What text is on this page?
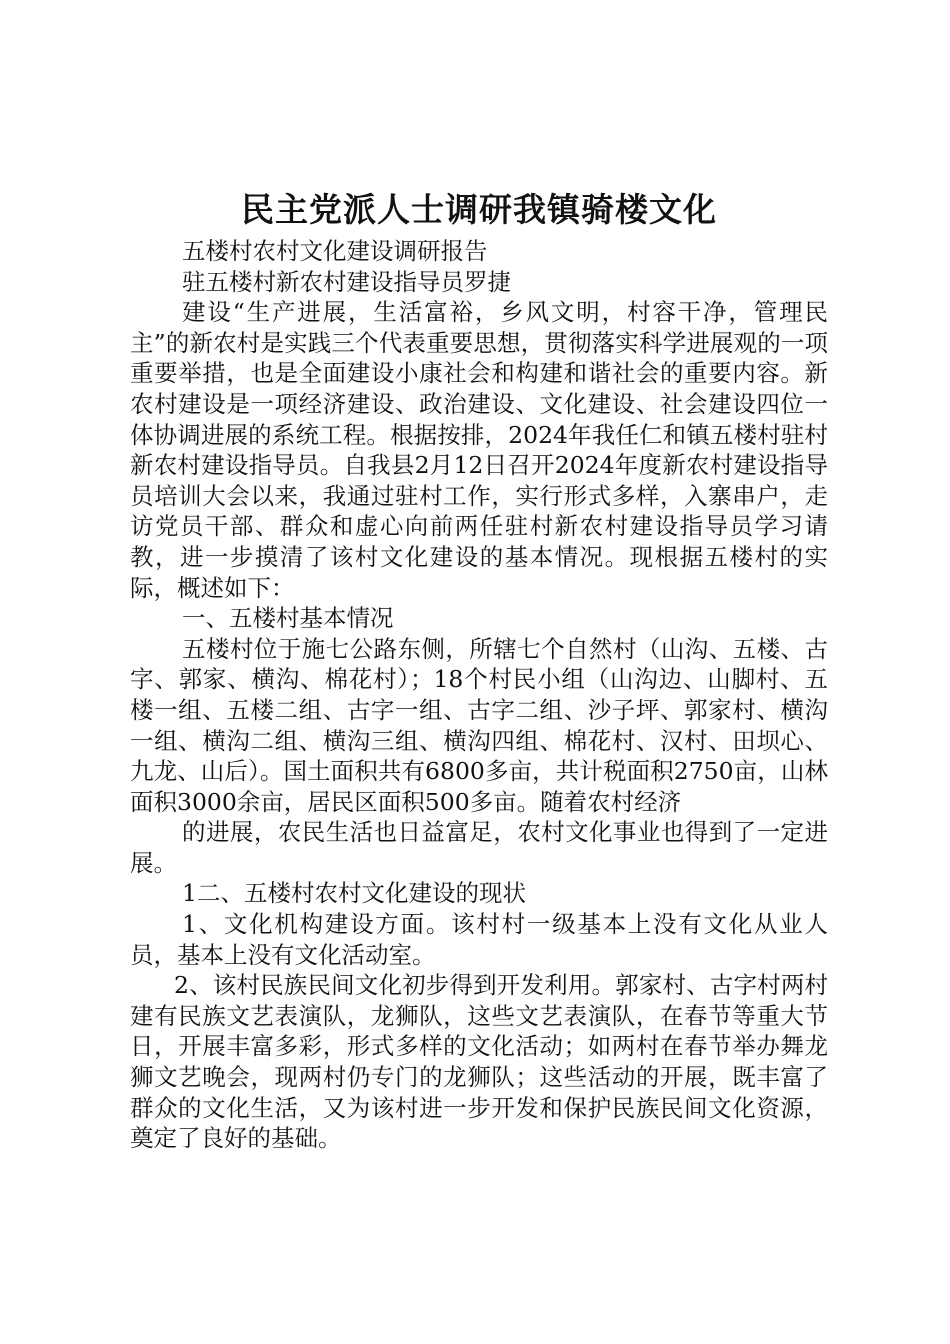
民主党派人士调研我镇骑楼文化

五楼村农村文化建设调研报告

驻五楼村新农村建设指导员罗捷

建设“生产进展，生活富裕，乡风文明，村容干净，管理民主”的新农村是实践三个代表重要思想，贯彻落实科学进展观的一项重要举措，也是全面建设小康社会和构建和谐社会的重要内容。新农村建设是一项经济建设、政治建设、文化建设、社会建设四位一体协调进展的系统工程。根据按排，2024年我任仁和镇五楼村驻村新农村建设指导员。自我县2月12日召开2024年度新农村建设指导员培训大会以来，我通过驻村工作，实行形式多样，入寨串户，走访党员干部、群众和虚心向前两任驻村新农村建设指导员学习请教，进一步摸清了该村文化建设的基本情况。现根据五楼村的实际，概述如下：

一、五楼村基本情况

五楼村位于施七公路东侧，所辖七个自然村（山沟、五楼、古字、郭家、横沟、棉花村）；18个村民小组（山沟边、山脚村、五楼一组、五楼二组、古字一组、古字二组、沙子坪、郭家村、横沟一组、横沟二组、横沟三组、横沟四组、棉花村、汉村、田坝心、九龙、山后）。国土面积共有6800多亩，共计税面积2750亩，山林面积3000余亩，居民区面积500多亩。随着农村经济

的进展，农民生活也日益富足，农村文化事业也得到了一定进展。

1二、五楼村农村文化建设的现状

1、文化机构建设方面。该村村一级基本上没有文化从业人员，基本上没有文化活动室。

2、该村民族民间文化初步得到开发利用。郭家村、古字村两村建有民族文艺表演队，龙狮队，这些文艺表演队，在春节等重大节日，开展丰富多彩，形式多样的文化活动；如两村在春节举办舞龙狮文艺晚会，现两村仍专门的龙狮队；这些活动的开展，既丰富了群众的文化生活，又为该村进一步开发和保护民族民间文化资源，奠定了良好的基础。
